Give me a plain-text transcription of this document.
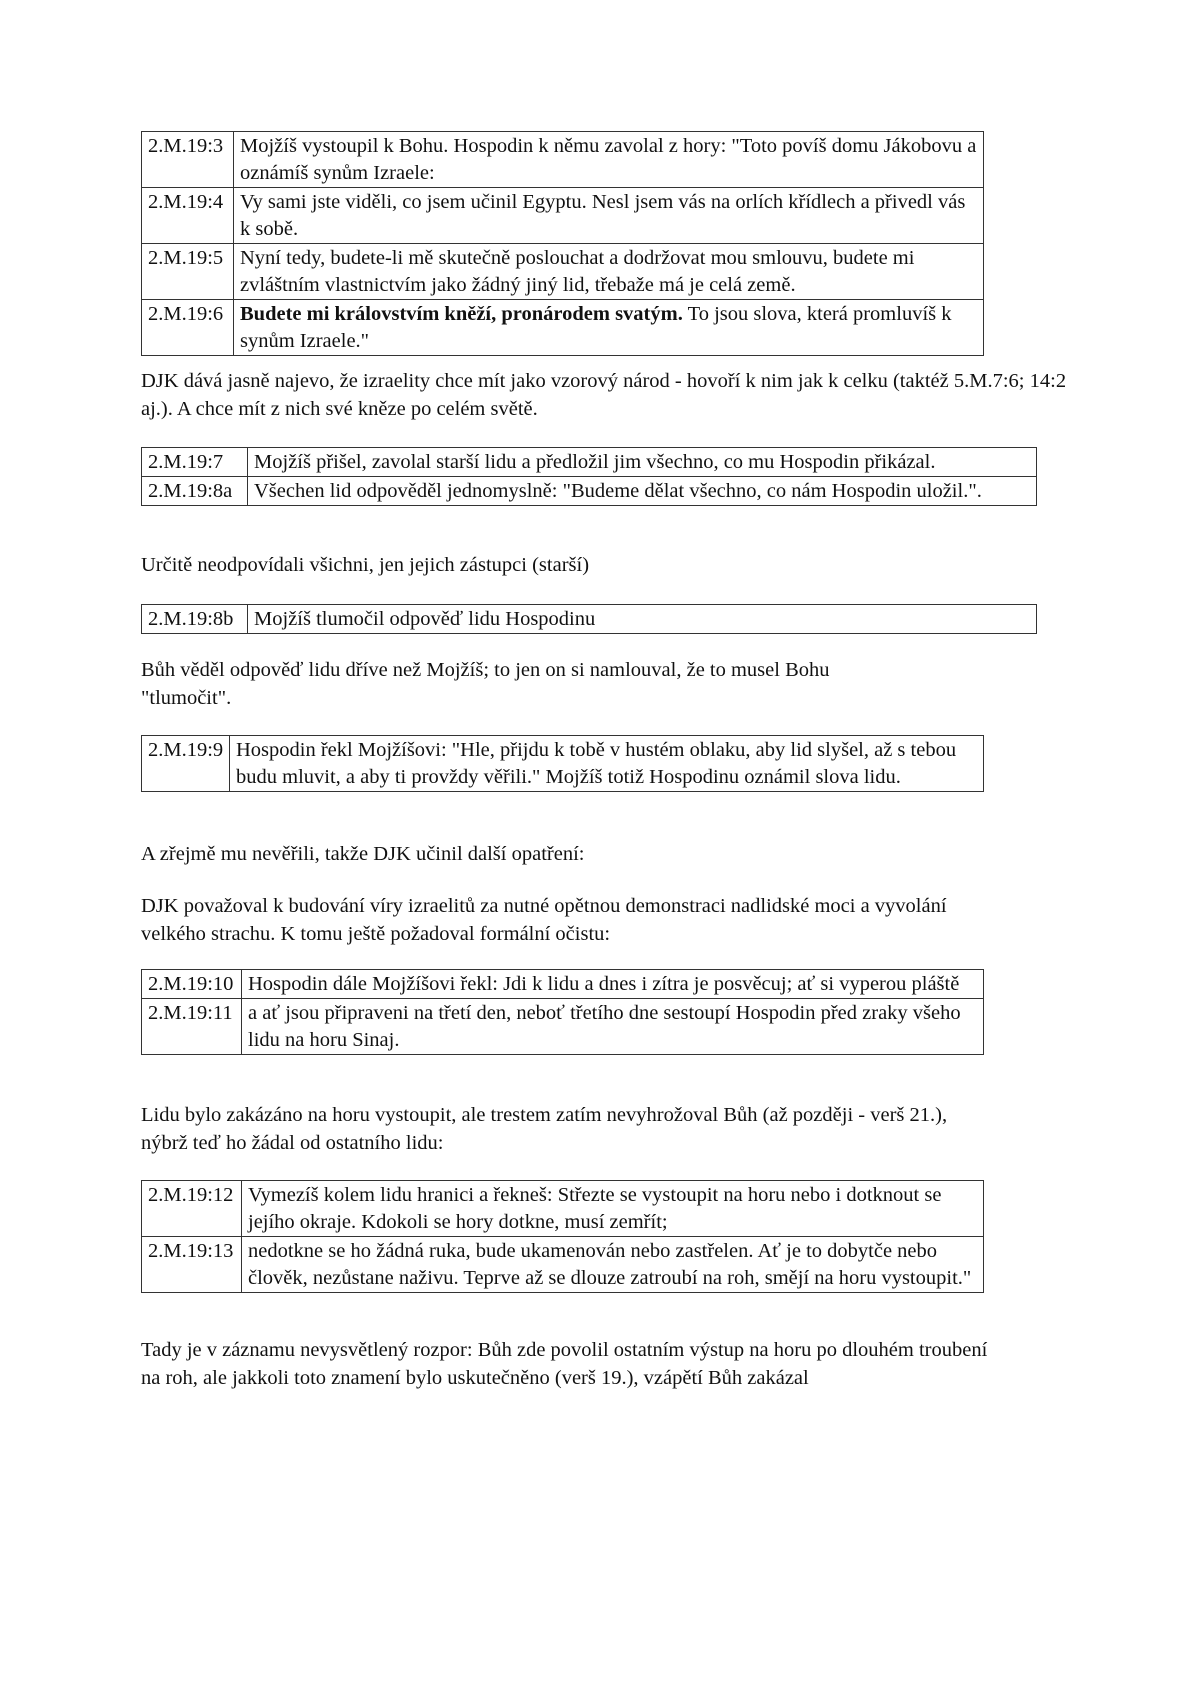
2.M.19:3	Mojžíš vystoupil k Bohu. Hospodin k němu zavolal z hory: "Toto povíš domu Jákobovu a oznámíš synům Izraele:
2.M.19:4	Vy sami jste viděli, co jsem učinil Egyptu. Nesl jsem vás na orlích křídlech a přivedl vás k sobě.
2.M.19:5	Nyní tedy, budete-li mě skutečně poslouchat a dodržovat mou smlouvu, budete mi zvláštním vlastnictvím jako žádný jiný lid, třebaže má je celá země.
2.M.19:6	Budete mi královstvím kněží, pronárodem svatým. To jsou slova, která promluvíš k synům Izraele."

DJK dává jasně najevo, že izraelity chce mít jako vzorový národ - hovoří k nim jak k celku (taktéž 5.M.7:6; 14:2 aj.). A chce mít z nich své kněze po celém světě.

2.M.19:7	Mojžíš přišel, zavolal starší lidu a předložil jim všechno, co mu Hospodin přikázal.
2.M.19:8a	Všechen lid odpověděl jednomyslně: "Budeme dělat všechno, co nám Hospodin uložil.".

Určitě neodpovídali všichni, jen jejich zástupci (starší)

2.M.19:8b	Mojžíš tlumočil odpověď lidu Hospodinu

Bůh věděl odpověď lidu dříve než Mojžíš; to jen on si namlouval, že to musel Bohu "tlumočit".

2.M.19:9	Hospodin řekl Mojžíšovi: "Hle, přijdu k tobě v hustém oblaku, aby lid slyšel, až s tebou budu mluvit, a aby ti provždy věřili." Mojžíš totiž Hospodinu oznámil slova lidu.

A zřejmě mu nevěřili, takže DJK učinil další opatření:

DJK považoval k budování víry izraelitů za nutné opětnou demonstraci nadlidské moci a vyvolání velkého strachu. K tomu ještě požadoval formální očistu:

2.M.19:10	Hospodin dále Mojžíšovi řekl: Jdi k lidu a dnes i zítra je posvěcuj; ať si vyperou pláště
2.M.19:11	a ať jsou připraveni na třetí den, neboť třetího dne sestoupí Hospodin před zraky všeho lidu na horu Sinaj.

Lidu bylo zakázáno na horu vystoupit, ale trestem zatím nevyhrožoval Bůh (až později - verš 21.), nýbrž teď ho žádal od ostatního lidu:

2.M.19:12	Vymezíš kolem lidu hranici a řekneš: Střezte se vystoupit na horu nebo i dotknout se jejího okraje. Kdokoli se hory dotkne, musí zemřít;
2.M.19:13	nedotkne se ho žádná ruka, bude ukamenován nebo zastřelen. Ať je to dobytče nebo člověk, nezůstane naživu. Teprve až se dlouze zatroubí na roh, smějí na horu vystoupit."

Tady je v záznamu nevysvětlený rozpor: Bůh zde povolil ostatním výstup na horu po dlouhém troubení na roh, ale jakkoli toto znamení bylo uskutečněno (verš 19.), vzápětí Bůh zakázal
